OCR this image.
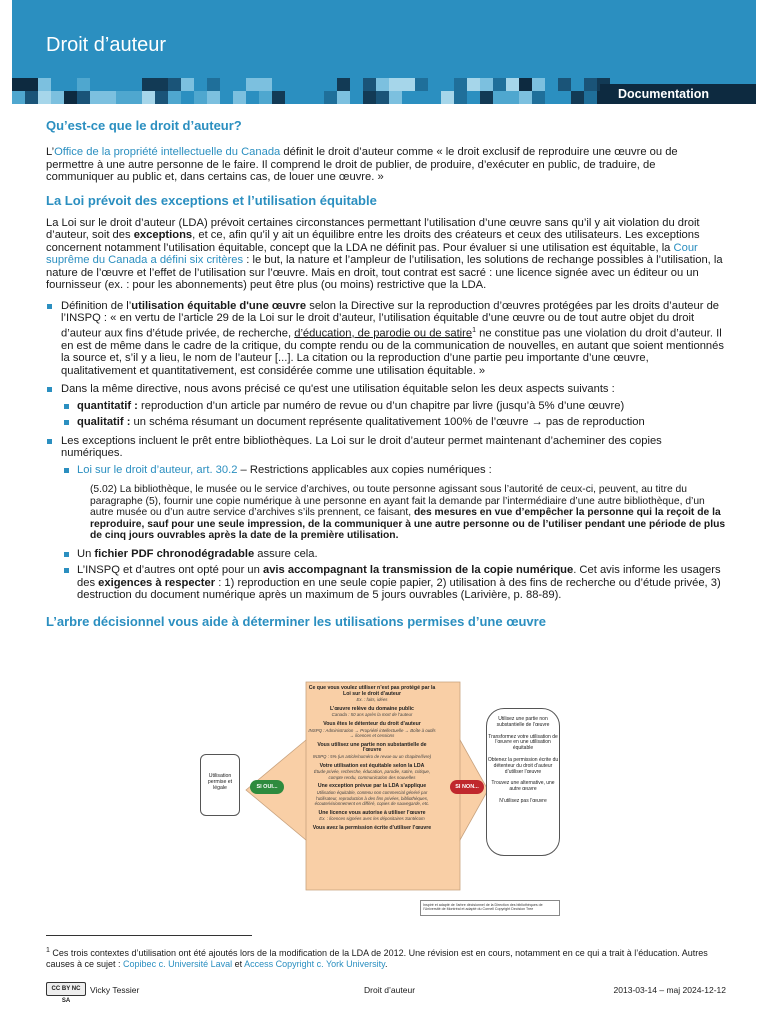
Droit d’auteur
Documentation
Qu’est-ce que le droit d’auteur?

L’Office de la propriété intellectuelle du Canada définit le droit d’auteur comme « le droit exclusif de reproduire une œuvre ou de permettre à une autre personne de le faire. Il comprend le droit de publier, de produire, d’exécuter en public, de traduire, de communiquer au public et, dans certains cas, de louer une œuvre. »

La Loi prévoit des exceptions et l’utilisation équitable

La Loi sur le droit d’auteur (LDA) prévoit certaines circonstances permettant l’utilisation d’une œuvre sans qu’il y ait violation du droit d’auteur, soit des exceptions, et ce, afin qu’il y ait un équilibre entre les droits des créateurs et ceux des utilisateurs. Les exceptions concernent notamment l’utilisation équitable, concept que la LDA ne définit pas. Pour évaluer si une utilisation est équitable, la Cour suprême du Canada a défini six critères : le but, la nature et l’ampleur de l’utilisation, les solutions de rechange possibles à l’utilisation, la nature de l’œuvre et l’effet de l’utilisation sur l’œuvre. Mais en droit, tout contrat est sacré : une licence signée avec un éditeur ou un fournisseur (ex. : pour les abonnements) peut être plus (ou moins) restrictive que la LDA.

Définition de l’utilisation équitable d'une œuvre selon la Directive sur la reproduction d’œuvres protégées par les droits d’auteur de l’INSPQ : « en vertu de l’article 29 de la Loi sur le droit d’auteur, l’utilisation équitable d’une œuvre ou de tout autre objet du droit d’auteur aux fins d’étude privée, de recherche, d’éducation, de parodie ou de satire$^1$ ne constitue pas une violation du droit d’auteur. Il en est de même dans le cadre de la critique, du compte rendu ou de la communication de nouvelles, en autant que soient mentionnés la source et, s’il y a lieu, le nom de l’auteur [...]. La citation ou la reproduction d’une partie peu importante d’une œuvre, qualitativement et quantitativement, est considérée comme une utilisation équitable. »

Dans la même directive, nous avons précisé ce qu'est une utilisation équitable selon les deux aspects suivants :

quantitatif : reproduction d’un article par numéro de revue ou d’un chapitre par livre (jusqu’à 5% d’une œuvre)

qualitatif : un schéma résumant un document représente qualitativement 100% de l’œuvre → pas de reproduction

Les exceptions incluent le prêt entre bibliothèques. La Loi sur le droit d’auteur permet maintenant d’acheminer des copies numériques.

Loi sur le droit d’auteur, art. 30.2 – Restrictions applicables aux copies numériques :

(5.02) La bibliothèque, le musée ou le service d’archives, ou toute personne agissant sous l’autorité de ceux-ci, peuvent, au titre du paragraphe (5), fournir une copie numérique à une personne en ayant fait la demande par l’intermédiaire d’une autre bibliothèque, d’un autre musée ou d’un autre service d’archives s’ils prennent, ce faisant, des mesures en vue d’empêcher la personne qui la reçoit de la reproduire, sauf pour une seule impression, de la communiquer à une autre personne ou de l’utiliser pendant une période de plus de cinq jours ouvrables après la date de la première utilisation.

Un fichier PDF chronodégradable assure cela.

L’INSPQ et d’autres ont opté pour un avis accompagnant la transmission de la copie numérique. Cet avis informe les usagers des exigences à respecter : 1) reproduction en une seule copie papier, 2) utilisation à des fins de recherche ou d’étude privée, 3) destruction du document numérique après un maximum de 5 jours ouvrables (Larivière, p. 88-89).

L’arbre décisionnel vous aide à déterminer les utilisations permises d’une œuvre
Utilisation permise et légale	SI OUI...	SI NON...
Ce que vous voulez utiliser n’est pas protégé par la Loi sur le droit d’auteur
Ex. : faits, idées
L’œuvre relève du domaine public
Canada : 50 ans après la mort de l’auteur
Vous êtes le détenteur du droit d’auteur
INSPQ : Administration → Propriété intellectuelle → Boîte à outils → licences et cessions
Vous utilisez une partie non substantielle de l’œuvre
INSPQ : 5% (un article/numéro de revue ou un chapitre/livre)
Votre utilisation est équitable selon la LDA
Étude privée, recherche, éducation, parodie, satire, critique, compte rendu, communication des nouvelles
Une exception prévue par la LDA s’applique
Utilisation équitable, contenu non commercial généré par l’utilisateur, reproduction à des fins privées, bibliothèques, écoute/visionnement en différé, copies de sauvegarde, etc.
Une licence vous autorise à utiliser l’œuvre
Ex. : licences signées avec les dépositaires Santécom
Vous avez la permission écrite d’utiliser l’œuvre
Utilisez une partie non substantielle de l’œuvre
Transformez votre utilisation de l’œuvre en une utilisation équitable
Obtenez la permission écrite du détenteur du droit d’auteur d’utiliser l’œuvre
Trouvez une alternative, une autre œuvre
N’utilisez pas l’œuvre
Inspiré et adapté de l’arbre décisionnel de la Direction des bibliothèques de l’Université de Montréal et adapté du Cornell Copyright Decision Tree
$^1$ Ces trois contextes d’utilisation ont été ajoutés lors de la modification de la LDA de 2012. Une révision est en cours, notamment en ce qui a trait à l’éducation. Autres causes à ce sujet : Copibec c. Université Laval et Access Copyright c. York University.
CC BY NC SA
Vicky Tessier	Droit d’auteur	2013-03-14 – maj 2024-12-12
